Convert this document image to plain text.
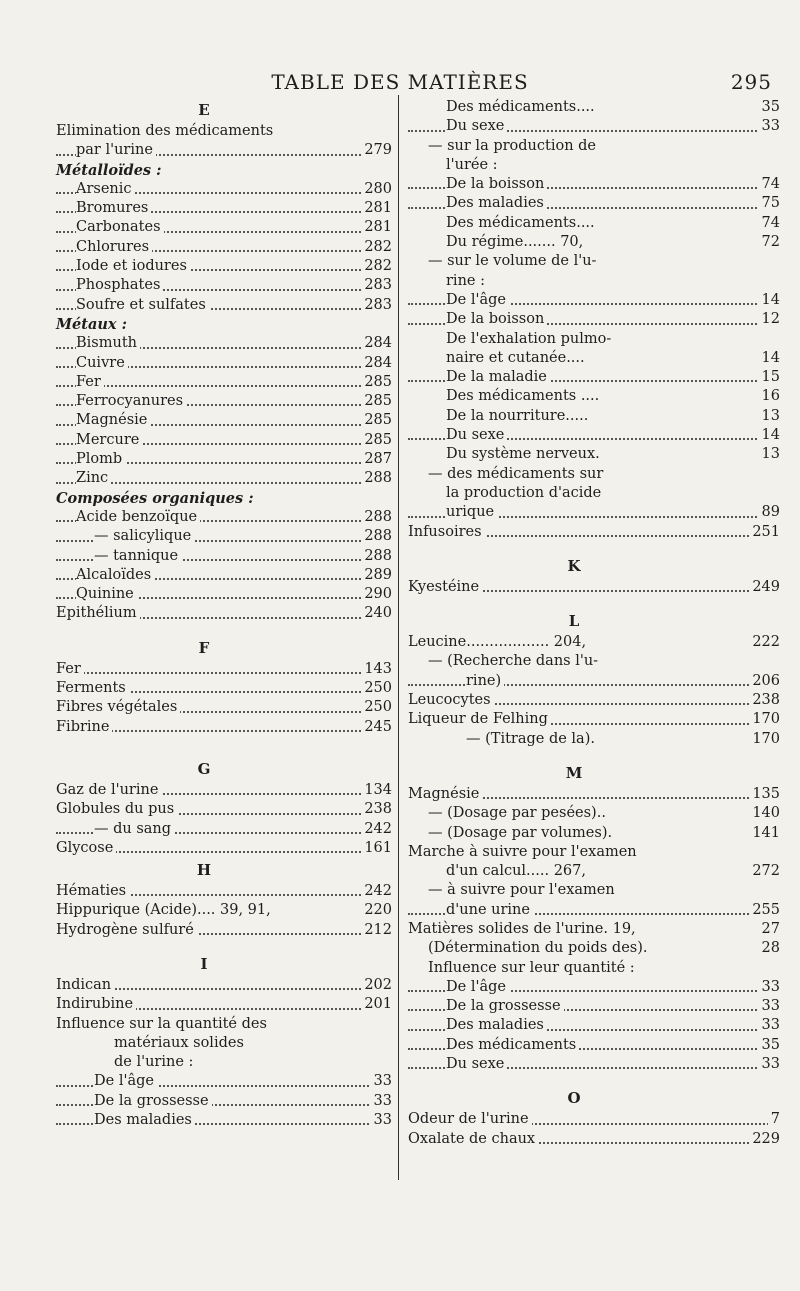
TABLE DES MATIÈRES	295
E
Elimination des médicaments
par l'urine	279
Métalloïdes :
Arsenic	280
Bromures	281
Carbonates	281
Chlorures	282
Iode et iodures	282
Phosphates	283
Soufre et sulfates	283
Métaux :
Bismuth	284
Cuivre	284
Fer	285
Ferrocyanures	285
Magnésie	285
Mercure	285
Plomb	287
Zinc	288
Composées organiques :
Acide benzoïque	288
— salicylique	288
— tannique	288
Alcaloïdes	289
Quinine	290
Epithélium	240
F
Fer	143
Ferments	250
Fibres végétales	250
Fibrine	245
G
Gaz de l'urine	134
Globules du pus	238
— du sang	242
Glycose	161
H
Hématies	242
Hippurique (Acide).... 39, 91,	220
Hydrogène sulfuré	212
I
Indican	202
Indirubine	201
Influence sur la quantité des
matériaux solides
de l'urine :
De l'âge	33
De la grossesse	33
Des maladies	33
Des médicaments....	35
Du sexe	33
— sur la production de
l'urée :
De la boisson	74
Des maladies	75
Des médicaments....	74
Du régime....... 70,	72
— sur le volume de l'u-
rine :
De l'âge	14
De la boisson	12
De l'exhalation pulmo-
naire et cutanée....	14
De la maladie	15
Des médicaments ....	16
De la nourriture.....	13
Du sexe	14
Du système nerveux.	13
— des médicaments sur
la production d'acide
urique	89
Infusoires	251
K
Kyestéine	249
L
Leucine.................. 204,	222
— (Recherche dans l'u-
rine)	206
Leucocytes	238
Liqueur de Felhing	170
— (Titrage de la).	170
M
Magnésie	135
— (Dosage par pesées)..	140
— (Dosage par volumes).	141
Marche à suivre pour l'examen
d'un calcul..... 267,	272
— à suivre pour l'examen
d'une urine	255
Matières solides de l'urine. 19,	27
(Détermination du poids des).	28
Influence sur leur quantité :
De l'âge	33
De la grossesse	33
Des maladies	33
Des médicaments	35
Du sexe	33
O
Odeur de l'urine	7
Oxalate de chaux	229
